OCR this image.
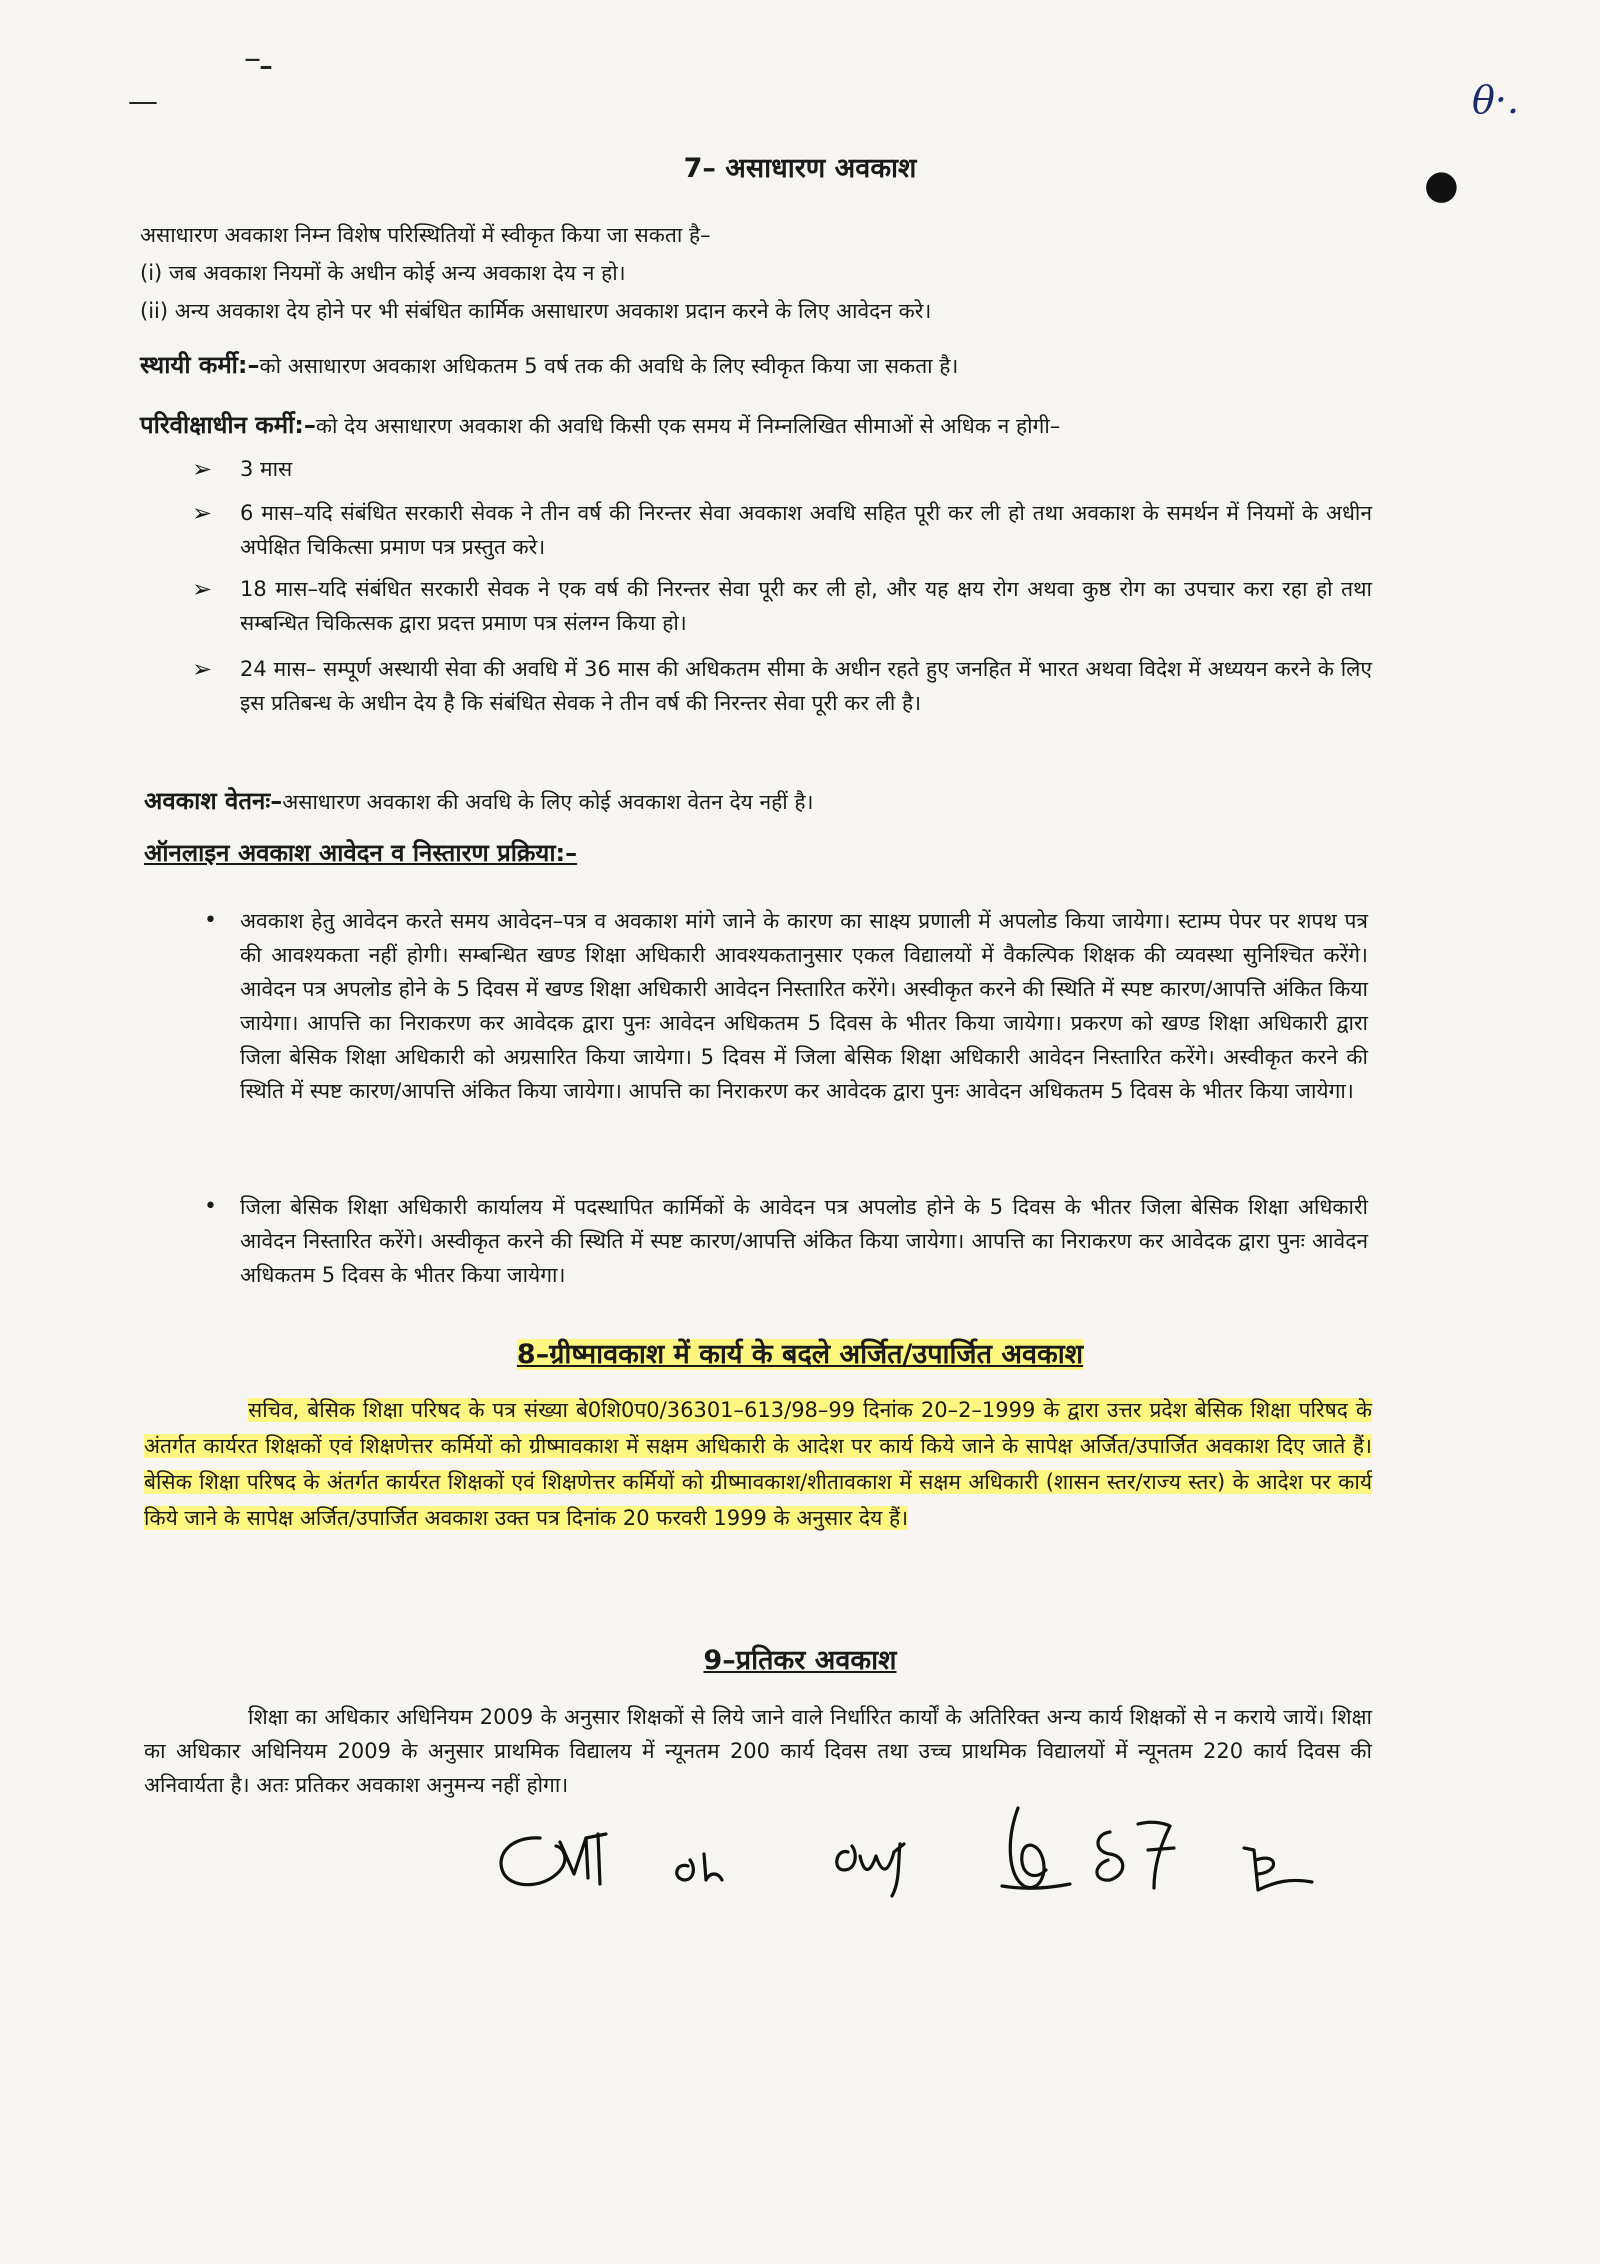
–ـ
—	θ·.
●
7– असाधारण अवकाश
असाधारण अवकाश निम्न विशेष परिस्थितियों में स्वीकृत किया जा सकता है–
(i) जब अवकाश नियमों के अधीन कोई अन्य अवकाश देय न हो।
(ii) अन्य अवकाश देय होने पर भी संबंधित कार्मिक असाधारण अवकाश प्रदान करने के लिए आवेदन करे।
स्थायी कर्मी:–को असाधारण अवकाश अधिकतम 5 वर्ष तक की अवधि के लिए स्वीकृत किया जा सकता है।
परिवीक्षाधीन कर्मी:–को देय असाधारण अवकाश की अवधि किसी एक समय में निम्नलिखित सीमाओं से अधिक न होगी–
➢ 3 मास
➢ 6 मास–यदि संबंधित सरकारी सेवक ने तीन वर्ष की निरन्तर सेवा अवकाश अवधि सहित पूरी कर ली हो तथा अवकाश के समर्थन में नियमों के अधीन अपेक्षित चिकित्सा प्रमाण पत्र प्रस्तुत करे।
➢ 18 मास–यदि संबंधित सरकारी सेवक ने एक वर्ष की निरन्तर सेवा पूरी कर ली हो, और यह क्षय रोग अथवा कुष्ठ रोग का उपचार करा रहा हो तथा सम्बन्धित चिकित्सक द्वारा प्रदत्त प्रमाण पत्र संलग्न किया हो।
➢ 24 मास– सम्पूर्ण अस्थायी सेवा की अवधि में 36 मास की अधिकतम सीमा के अधीन रहते हुए जनहित में भारत अथवा विदेश में अध्ययन करने के लिए इस प्रतिबन्ध के अधीन देय है कि संबंधित सेवक ने तीन वर्ष की निरन्तर सेवा पूरी कर ली है।
अवकाश वेतनः–असाधारण अवकाश की अवधि के लिए कोई अवकाश वेतन देय नहीं है।
ऑनलाइन अवकाश आवेदन व निस्तारण प्रक्रिया:–
• अवकाश हेतु आवेदन करते समय आवेदन–पत्र व अवकाश मांगे जाने के कारण का साक्ष्य प्रणाली में अपलोड किया जायेगा। स्टाम्प पेपर पर शपथ पत्र की आवश्यकता नहीं होगी। सम्बन्धित खण्ड शिक्षा अधिकारी आवश्यकतानुसार एकल विद्यालयों में वैकल्पिक शिक्षक की व्यवस्था सुनिश्चित करेंगे। आवेदन पत्र अपलोड होने के 5 दिवस में खण्ड शिक्षा अधिकारी आवेदन निस्तारित करेंगे। अस्वीकृत करने की स्थिति में स्पष्ट कारण/आपत्ति अंकित किया जायेगा। आपत्ति का निराकरण कर आवेदक द्वारा पुनः आवेदन अधिकतम 5 दिवस के भीतर किया जायेगा। प्रकरण को खण्ड शिक्षा अधिकारी द्वारा जिला बेसिक शिक्षा अधिकारी को अग्रसारित किया जायेगा। 5 दिवस में जिला बेसिक शिक्षा अधिकारी आवेदन निस्तारित करेंगे। अस्वीकृत करने की स्थिति में स्पष्ट कारण/आपत्ति अंकित किया जायेगा। आपत्ति का निराकरण कर आवेदक द्वारा पुनः आवेदन अधिकतम 5 दिवस के भीतर किया जायेगा।
• जिला बेसिक शिक्षा अधिकारी कार्यालय में पदस्थापित कार्मिकों के आवेदन पत्र अपलोड होने के 5 दिवस के भीतर जिला बेसिक शिक्षा अधिकारी आवेदन निस्तारित करेंगे। अस्वीकृत करने की स्थिति में स्पष्ट कारण/आपत्ति अंकित किया जायेगा। आपत्ति का निराकरण कर आवेदक द्वारा पुनः आवेदन अधिकतम 5 दिवस के भीतर किया जायेगा।
8–ग्रीष्मावकाश में कार्य के बदले अर्जित/उपार्जित अवकाश
सचिव, बेसिक शिक्षा परिषद के पत्र संख्या बे0शि0प0/36301–613/98–99 दिनांक 20–2–1999 के द्वारा उत्तर प्रदेश बेसिक शिक्षा परिषद के अंतर्गत कार्यरत शिक्षकों एवं शिक्षणेत्तर कर्मियों को ग्रीष्मावकाश में सक्षम अधिकारी के आदेश पर कार्य किये जाने के सापेक्ष अर्जित/उपार्जित अवकाश दिए जाते हैं। बेसिक शिक्षा परिषद के अंतर्गत कार्यरत शिक्षकों एवं शिक्षणेत्तर कर्मियों को ग्रीष्मावकाश/शीतावकाश में सक्षम अधिकारी (शासन स्तर/राज्य स्तर) के आदेश पर कार्य किये जाने के सापेक्ष अर्जित/उपार्जित अवकाश उक्त पत्र दिनांक 20 फरवरी 1999 के अनुसार देय हैं।
9–प्रतिकर अवकाश
शिक्षा का अधिकार अधिनियम 2009 के अनुसार शिक्षकों से लिये जाने वाले निर्धारित कार्यों के अतिरिक्त अन्य कार्य शिक्षकों से न कराये जायें। शिक्षा का अधिकार अधिनियम 2009 के अनुसार प्राथमिक विद्यालय में न्यूनतम 200 कार्य दिवस तथा उच्च प्राथमिक विद्यालयों में न्यूनतम 220 कार्य दिवस की अनिवार्यता है। अतः प्रतिकर अवकाश अनुमन्य नहीं होगा।
